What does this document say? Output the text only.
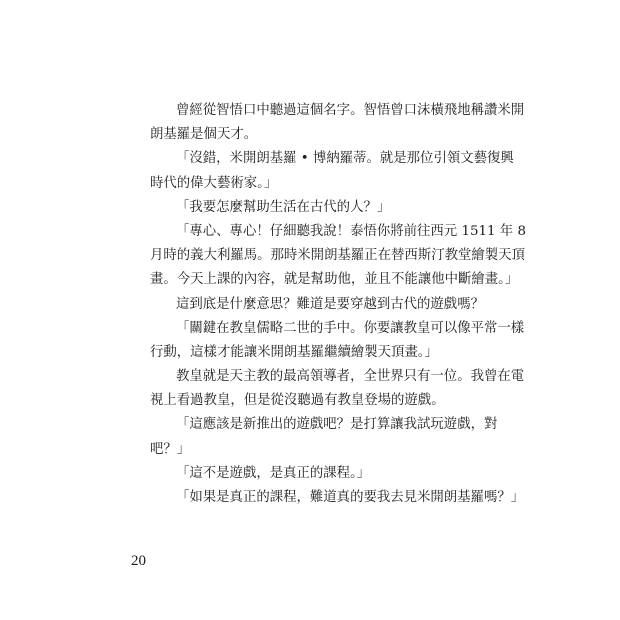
曾經從智悟口中聽過這個名字。智悟曾口沫橫飛地稱讚米開
朗基羅是個天才。
「沒錯，米開朗基羅 • 博納羅蒂。就是那位引領文藝復興
時代的偉大藝術家。」
「我要怎麼幫助生活在古代的人？」
「專心、專心！仔細聽我說！泰悟你將前往西元 1511 年 8
月時的義大利羅馬。那時米開朗基羅正在替西斯汀教堂繪製天頂
畫。今天上課的內容，就是幫助他，並且不能讓他中斷繪畫。」
這到底是什麼意思？難道是要穿越到古代的遊戲嗎？
「關鍵在教皇儒略二世的手中。你要讓教皇可以像平常一樣
行動，這樣才能讓米開朗基羅繼續繪製天頂畫。」
教皇就是天主教的最高領導者，全世界只有一位。我曾在電
視上看過教皇，但是從沒聽過有教皇登場的遊戲。
「這應該是新推出的遊戲吧？是打算讓我試玩遊戲，對
吧？」
「這不是遊戲，是真正的課程。」
「如果是真正的課程，難道真的要我去見米開朗基羅嗎？」
20
